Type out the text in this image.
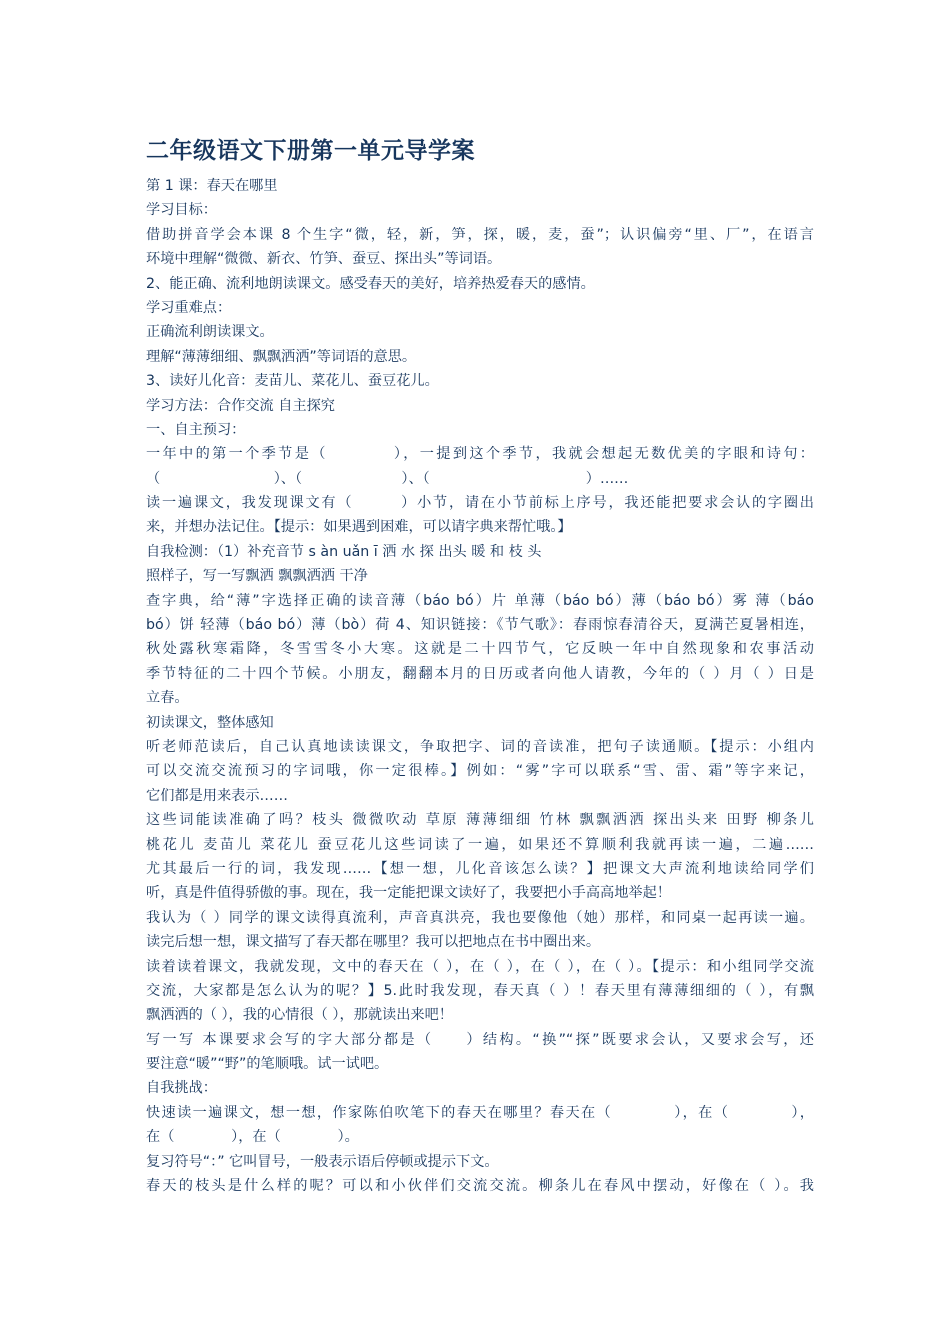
二年级语文下册第一单元导学案
第 1 课：春天在哪里
学习目标：
借助拼音学会本课 8 个生字“微，轻，新，笋，探，暖，麦，蚕”；认识偏旁“里、厂”，在语言
环境中理解“微微、新衣、竹笋、蚕豆、探出头”等词语。
2、能正确、流利地朗读课文。感受春天的美好，培养热爱春天的感情。
学习重难点：
正确流利朗读课文。
理解“薄薄细细、飘飘洒洒”等词语的意思。
3、读好儿化音：麦苗儿、菜花儿、蚕豆花儿。
学习方法：合作交流 自主探究
一、自主预习：
一年中的第一个季节是（　　　　），一提到这个季节，我就会想起无数优美的字眼和诗句：
（　　　　　　　　）、（　　　　　　　）、（　　　　　　　　　　　）……
读一遍课文，我发现课文有（　　　）小节，请在小节前标上序号，我还能把要求会认的字圈出
来，并想办法记住。【提示：如果遇到困难，可以请字典来帮忙哦。】
自我检测：（1）补充音节 s àn uǎn ī 洒 水 探 出头 暖 和 枝 头
照样子，写一写飘洒 飘飘洒洒 干净
查字典，给“薄”字选择正确的读音薄（báo bó）片 单薄（báo bó）薄（báo bó）雾 薄（báo
bó）饼 轻薄（báo bó）薄（bò）荷 4、知识链接：《节气歌》：春雨惊春清谷天，夏满芒夏暑相连，
秋处露秋寒霜降，冬雪雪冬小大寒。这就是二十四节气，它反映一年中自然现象和农事活动
季节特征的二十四个节候。小朋友，翻翻本月的日历或者向他人请教，今年的（ ）月（ ）日是
立春。
初读课文，整体感知
听老师范读后，自己认真地读读课文，争取把字、词的音读准，把句子读通顺。【提示：小组内
可以交流交流预习的字词哦，你一定很棒。】例如：“雾”字可以联系“雪、雷、霜”等字来记，
它们都是用来表示……
这些词能读准确了吗？枝头 微微吹动 草原 薄薄细细 竹林 飘飘洒洒 探出头来 田野 柳条儿
桃花儿 麦苗儿 菜花儿 蚕豆花儿这些词读了一遍，如果还不算顺利我就再读一遍，二遍……
尤其最后一行的词，我发现……【想一想，儿化音该怎么读？】把课文大声流利地读给同学们
听，真是件值得骄傲的事。现在，我一定能把课文读好了，我要把小手高高地举起！
我认为（ ）同学的课文读得真流利，声音真洪亮，我也要像他（她）那样，和同桌一起再读一遍。
读完后想一想，课文描写了春天都在哪里？我可以把地点在书中圈出来。
读着读着课文，我就发现，文中的春天在（ ），在（ ），在（ ），在（ ）。【提示：和小组同学交流
交流，大家都是怎么认为的呢？】5.此时我发现，春天真（ ）！春天里有薄薄细细的（ ），有飘
飘洒洒的（ ），我的心情很（ ），那就读出来吧！
写一写 本课要求会写的字大部分都是（　　）结构。“换”“探”既要求会认，又要求会写，还
要注意“暖”“野”的笔顺哦。试一试吧。
自我挑战：
快速读一遍课文，想一想，作家陈伯吹笔下的春天在哪里？春天在（　　　　），在（　　　　），
在（　　　　），在（　　　　）。
复习符号“：” 它叫冒号，一般表示语后停顿或提示下文。
春天的枝头是什么样的呢？可以和小伙伴们交流交流。柳条儿在春风中摆动，好像在（ ）。我
